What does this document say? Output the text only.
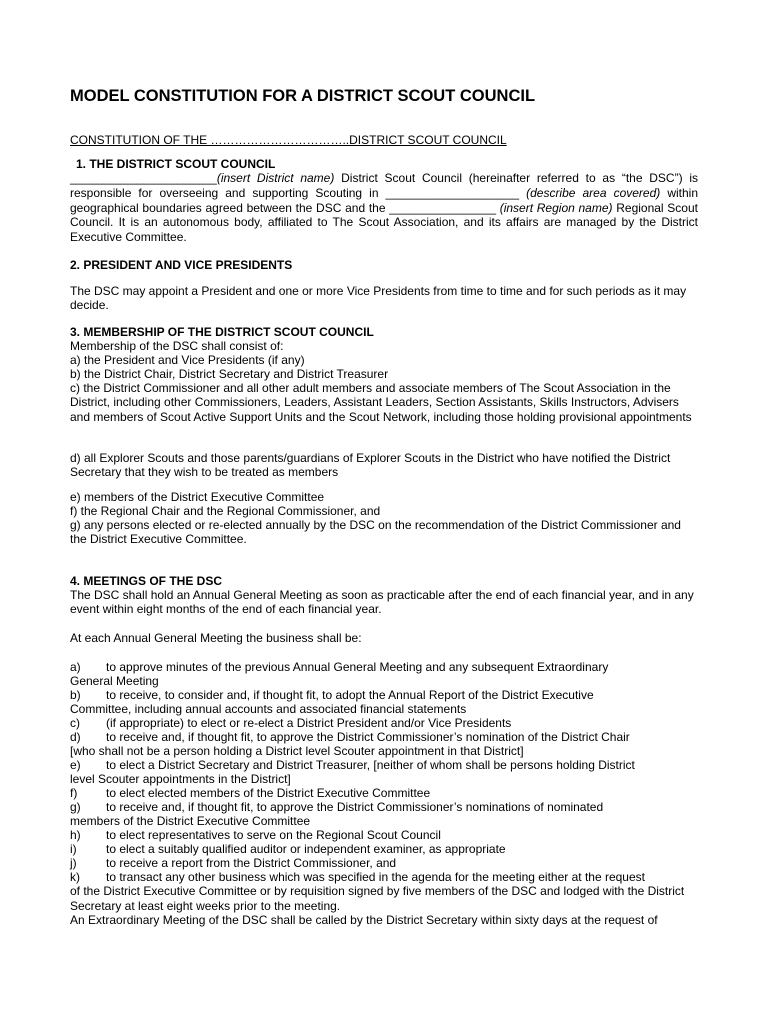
MODEL CONSTITUTION FOR A DISTRICT SCOUT COUNCIL
CONSTITUTION OF THE ……………………………..DISTRICT SCOUT COUNCIL
1. THE DISTRICT SCOUT COUNCIL
______________________(insert District name) District Scout Council (hereinafter referred to as “the DSC”) is responsible for overseeing and supporting Scouting in ____________________ (describe area covered) within geographical boundaries agreed between the DSC and the ________________ (insert Region name) Regional Scout Council. It is an autonomous body, affiliated to The Scout Association, and its affairs are managed by the District Executive Committee.
2. PRESIDENT AND VICE PRESIDENTS
The DSC may appoint a President and one or more Vice Presidents from time to time and for such periods as it may decide.
3. MEMBERSHIP OF THE DISTRICT SCOUT COUNCIL
Membership of the DSC shall consist of:
a) the President and Vice Presidents (if any)
b) the District Chair, District Secretary and District Treasurer
c) the District Commissioner and all other adult members and associate members of The Scout Association in the District, including other Commissioners, Leaders, Assistant Leaders, Section Assistants, Skills Instructors, Advisers and members of Scout Active Support Units and the Scout Network, including those holding provisional appointments
d) all Explorer Scouts and those parents/guardians of Explorer Scouts in the District who have notified the District Secretary that they wish to be treated as members
e) members of the District Executive Committee
f) the Regional Chair and the Regional Commissioner, and
g) any persons elected or re-elected annually by the DSC on the recommendation of the District Commissioner and the District Executive Committee.
4. MEETINGS OF THE DSC
The DSC shall hold an Annual General Meeting as soon as practicable after the end of each financial year, and in any event within eight months of the end of each financial year.
At each Annual General Meeting the business shall be:
a)	to approve minutes of the previous Annual General Meeting and any subsequent Extraordinary
General Meeting
b)	to receive, to consider and, if thought fit, to adopt the Annual Report of the District Executive
Committee, including annual accounts and associated financial statements
c)	(if appropriate) to elect or re-elect a District President and/or Vice Presidents
d)	to receive and, if thought fit, to approve the District Commissioner’s nomination of the District Chair
[who shall not be a person holding a District level Scouter appointment in that District]
e)	to elect a District Secretary and District Treasurer, [neither of whom shall be persons holding District
level Scouter appointments in the District]
f)	to elect elected members of the District Executive Committee
g)	to receive and, if thought fit, to approve the District Commissioner’s nominations of nominated
members of the District Executive Committee
h)	to elect representatives to serve on the Regional Scout Council
i)	to elect a suitably qualified auditor or independent examiner, as appropriate
j)	to receive a report from the District Commissioner, and
k)	to transact any other business which was specified in the agenda for the meeting either at the request
of the District Executive Committee or by requisition signed by five members of the DSC and lodged with the District Secretary at least eight weeks prior to the meeting.
An Extraordinary Meeting of the DSC shall be called by the District Secretary within sixty days at the request of
